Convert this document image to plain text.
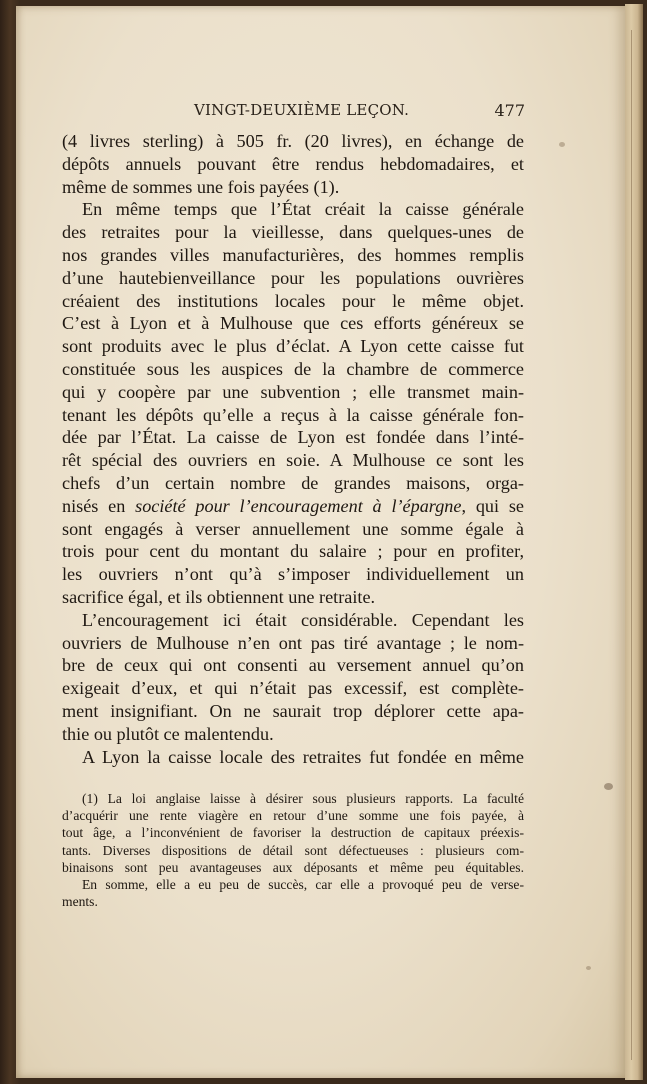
VINGT-DEUXIÈME LEÇON.	477
(4 livres sterling) à 505 fr. (20 livres), en échange de
dépôts annuels pouvant être rendus hebdomadaires, et
même de sommes une fois payées (1).
En même temps que l’État créait la caisse générale
des retraites pour la vieillesse, dans quelques-unes de
nos grandes villes manufacturières, des hommes remplis
d’une hautebienveillance pour les populations ouvrières
créaient des institutions locales pour le même objet.
C’est à Lyon et à Mulhouse que ces efforts généreux se
sont produits avec le plus d’éclat. A Lyon cette caisse fut
constituée sous les auspices de la chambre de commerce
qui y coopère par une subvention ; elle transmet main-
tenant les dépôts qu’elle a reçus à la caisse générale fon-
dée par l’État. La caisse de Lyon est fondée dans l’inté-
rêt spécial des ouvriers en soie. A Mulhouse ce sont les
chefs d’un certain nombre de grandes maisons, orga-
nisés en société pour l’encouragement à l’épargne, qui se
sont engagés à verser annuellement une somme égale à
trois pour cent du montant du salaire ; pour en profiter,
les ouvriers n’ont qu’à s’imposer individuellement un
sacrifice égal, et ils obtiennent une retraite.
L’encouragement ici était considérable. Cependant les
ouvriers de Mulhouse n’en ont pas tiré avantage ; le nom-
bre de ceux qui ont consenti au versement annuel qu’on
exigeait d’eux, et qui n’était pas excessif, est complète-
ment insignifiant. On ne saurait trop déplorer cette apa-
thie ou plutôt ce malentendu.
A Lyon la caisse locale des retraites fut fondée en même
(1) La loi anglaise laisse à désirer sous plusieurs rapports. La faculté
d’acquérir une rente viagère en retour d’une somme une fois payée, à
tout âge, a l’inconvénient de favoriser la destruction de capitaux préexis-
tants. Diverses dispositions de détail sont défectueuses : plusieurs com-
binaisons sont peu avantageuses aux déposants et même peu équitables.
En somme, elle a eu peu de succès, car elle a provoqué peu de verse-
ments.
